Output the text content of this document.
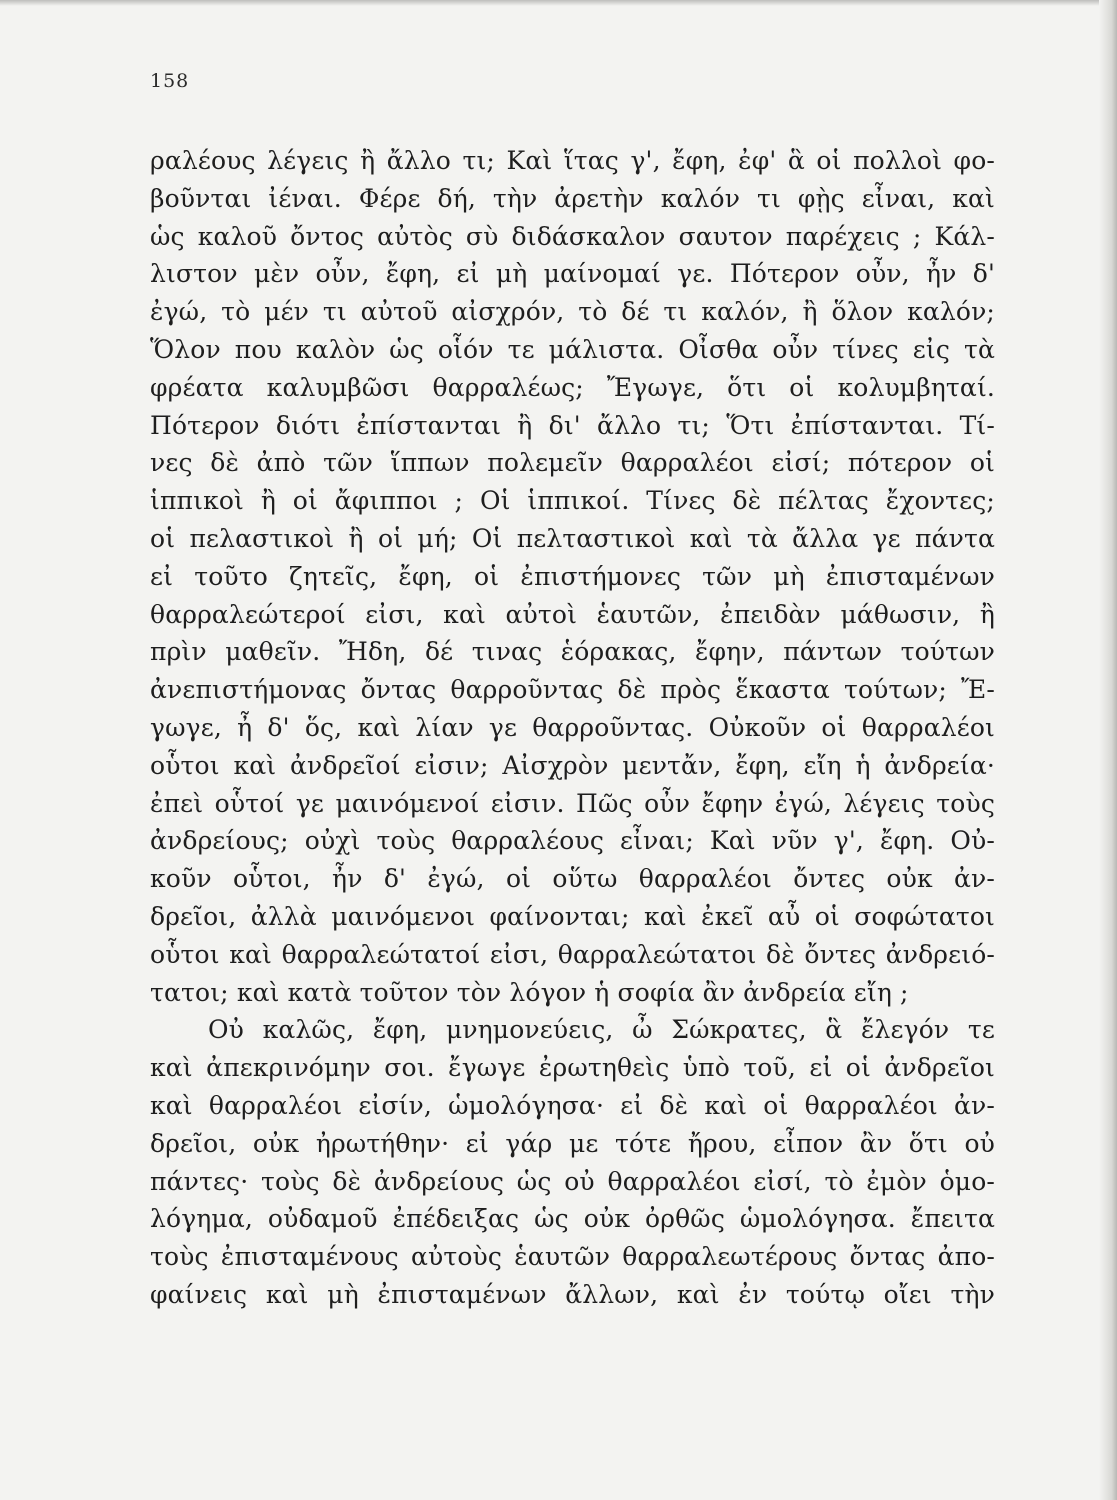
158
ραλέους λέγεις ἢ ἄλλο τι; Καὶ ἵτας γ', ἔφη, ἐφ' ἃ οἱ πολλοὶ φο-
βοῦνται ἰέναι. Φέρε δή, τὴν ἀρετὴν καλόν τι φῂς εἶναι, καὶ
ὡς καλοῦ ὄντος αὐτὸς σὺ διδάσκαλον σαυτον παρέχεις ; Κάλ-
λιστον μὲν οὖν, ἔφη, εἰ μὴ μαίνομαί γε. Πότερον οὖν, ἦν δ'
ἐγώ, τὸ μέν τι αὐτοῦ αἰσχρόν, τὸ δέ τι καλόν, ἢ ὅλον καλόν;
Ὅλον που καλὸν ὡς οἷόν τε μάλιστα. Οἶσθα οὖν τίνες εἰς τὰ
φρέατα καλυμβῶσι θαρραλέως; Ἔγωγε, ὅτι οἱ κολυμβηταί.
Πότερον διότι ἐπίστανται ἢ δι' ἄλλο τι; Ὅτι ἐπίστανται. Τί-
νες δὲ ἀπὸ τῶν ἵππων πολεμεῖν θαρραλέοι εἰσί; πότερον οἱ
ἱππικοὶ ἢ οἱ ἄφιπποι ; Οἱ ἱππικοί. Τίνες δὲ πέλτας ἔχοντες;
οἱ πελαστικοὶ ἢ οἱ μή; Οἱ πελταστικοὶ καὶ τὰ ἄλλα γε πάντα
εἰ τοῦτο ζητεῖς, ἔφη, οἱ ἐπιστήμονες τῶν μὴ ἐπισταμένων
θαρραλεώτεροί εἰσι, καὶ αὐτοὶ ἑαυτῶν, ἐπειδὰν μάθωσιν, ἢ
πρὶν μαθεῖν. Ἤδη, δέ τινας ἑόρακας, ἔφην, πάντων τούτων
ἀνεπιστήμονας ὄντας θαρροῦντας δὲ πρὸς ἕκαστα τούτων; Ἔ-
γωγε, ἦ δ' ὅς, καὶ λίαν γε θαρροῦντας. Οὐκοῦν οἱ θαρραλέοι
οὗτοι καὶ ἀνδρεῖοί εἰσιν; Αἰσχρὸν μεντἄν, ἔφη, εἴη ἡ ἀνδρεία·
ἐπεὶ οὗτοί γε μαινόμενοί εἰσιν. Πῶς οὖν ἔφην ἐγώ, λέγεις τοὺς
ἀνδρείους; οὐχὶ τοὺς θαρραλέους εἶναι; Καὶ νῦν γ', ἔφη. Οὐ-
κοῦν οὗτοι, ἦν δ' ἐγώ, οἱ οὕτω θαρραλέοι ὄντες οὐκ ἀν-
δρεῖοι, ἀλλὰ μαινόμενοι φαίνονται; καὶ ἐκεῖ αὖ οἱ σοφώτατοι
οὗτοι καὶ θαρραλεώτατοί εἰσι, θαρραλεώτατοι δὲ ὄντες ἀνδρειό-
τατοι; καὶ κατὰ τοῦτον τὸν λόγον ἡ σοφία ἂν ἀνδρεία εἴη ;
Οὐ καλῶς, ἔφη, μνημονεύεις, ὦ Σώκρατες, ἃ ἔλεγόν τε
καὶ ἀπεκρινόμην σοι. ἔγωγε ἐρωτηθεὶς ὑπὸ τοῦ, εἰ οἱ ἀνδρεῖοι
καὶ θαρραλέοι εἰσίν, ὡμολόγησα· εἰ δὲ καὶ οἱ θαρραλέοι ἀν-
δρεῖοι, οὐκ ἠρωτήθην· εἰ γάρ με τότε ἤρου, εἶπον ἂν ὅτι οὐ
πάντες· τοὺς δὲ ἀνδρείους ὡς οὐ θαρραλέοι εἰσί, τὸ ἐμὸν ὁμο-
λόγημα, οὐδαμοῦ ἐπέδειξας ὡς οὐκ ὀρθῶς ὡμολόγησα. ἔπειτα
τοὺς ἐπισταμένους αὐτοὺς ἑαυτῶν θαρραλεωτέρους ὄντας ἀπο-
φαίνεις καὶ μὴ ἐπισταμένων ἄλλων, καὶ ἐν τούτῳ οἴει τὴν
